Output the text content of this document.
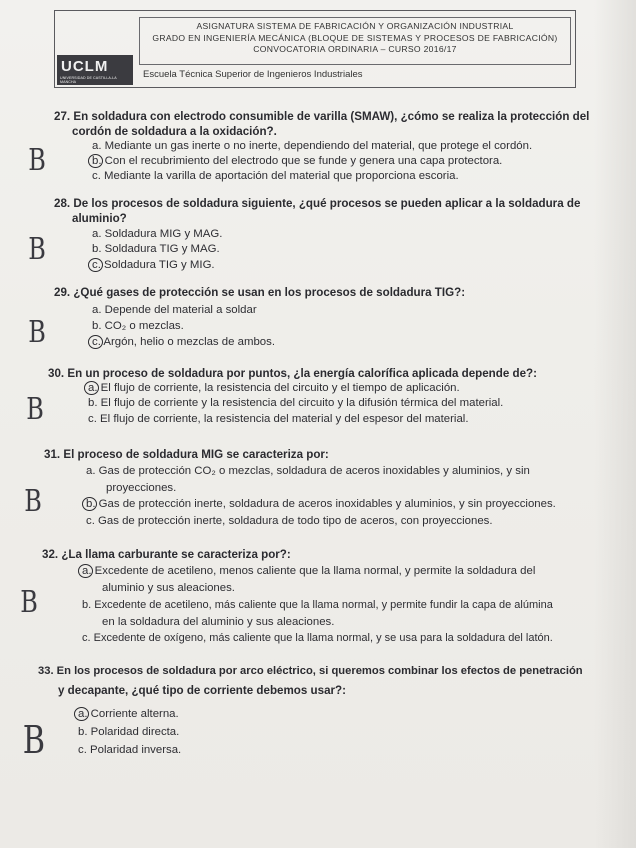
ASIGNATURA SISTEMA DE FABRICACIÓN Y ORGANIZACIÓN INDUSTRIAL
GRADO EN INGENIERÍA MECÁNICA (BLOQUE DE SISTEMAS Y PROCESOS DE FABRICACIÓN)
CONVOCATORIA ORDINARIA – CURSO 2016/17
UCLM
UNIVERSIDAD DE CASTILLA-LA MANCHA
Escuela Técnica Superior de Ingenieros Industriales
27. En soldadura con electrodo consumible de varilla (SMAW), ¿cómo se realiza la protección del
cordón de soldadura a la oxidación?.
a. Mediante un gas inerte o no inerte, dependiendo del material, que protege el cordón.
b. Con el recubrimiento del electrodo que se funde y genera una capa protectora.
c. Mediante la varilla de aportación del material que proporciona escoria.
B
28. De los procesos de soldadura siguiente, ¿qué procesos se pueden aplicar a la soldadura de
aluminio?
a. Soldadura MIG y MAG.
b. Soldadura TIG y MAG.
c. Soldadura TIG y MIG.
B
29. ¿Qué gases de protección se usan en los procesos de soldadura TIG?:
a. Depende del material a soldar
b. CO₂ o mezclas.
c. Argón, helio o mezclas de ambos.
B
30. En un proceso de soldadura por puntos, ¿la energía calorífica aplicada depende de?:
a. El flujo de corriente, la resistencia del circuito y el tiempo de aplicación.
b. El flujo de corriente y la resistencia del circuito y la difusión térmica del material.
c. El flujo de corriente, la resistencia del material y del espesor del material.
B
31. El proceso de soldadura MIG se caracteriza por:
a. Gas de protección CO₂ o mezclas, soldadura de aceros inoxidables y aluminios, y sin
proyecciones.
b. Gas de protección inerte, soldadura de aceros inoxidables y aluminios, y sin proyecciones.
c. Gas de protección inerte, soldadura de todo tipo de aceros, con proyecciones.
B
32. ¿La llama carburante se caracteriza por?:
a. Excedente de acetileno, menos caliente que la llama normal, y permite la soldadura del
aluminio y sus aleaciones.
b. Excedente de acetileno, más caliente que la llama normal, y permite fundir la capa de alúmina
en la soldadura del aluminio y sus aleaciones.
c. Excedente de oxígeno, más caliente que la llama normal, y se usa para la soldadura del latón.
B
33. En los procesos de soldadura por arco eléctrico, si queremos combinar los efectos de penetración
y decapante, ¿qué tipo de corriente debemos usar?:
a. Corriente alterna.
b. Polaridad directa.
c. Polaridad inversa.
B
